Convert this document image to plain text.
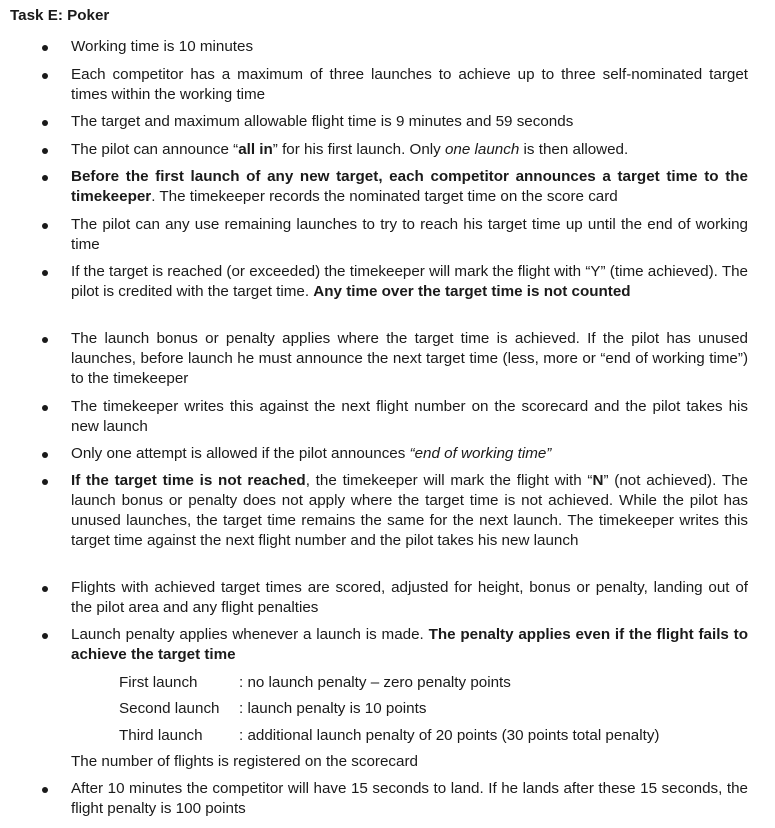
Task E: Poker
Working time is 10 minutes
Each competitor has a maximum of three launches to achieve up to three self-nominated target times within the working time
The target and maximum allowable flight time is 9 minutes and 59 seconds
The pilot can announce “all in” for his first launch. Only one launch is then allowed.
Before the first launch of any new target, each competitor announces a target time to the timekeeper. The timekeeper records the nominated target time on the score card
The pilot can any use remaining launches to try to reach his target time up until the end of working time
If the target is reached (or exceeded) the timekeeper will mark the flight with “Y” (time achieved). The pilot is credited with the target time. Any time over the target time is not counted
The launch bonus or penalty applies where the target time is achieved. If the pilot has unused launches, before launch he must announce the next target time (less, more or “end of working time”) to the timekeeper
The timekeeper writes this against the next flight number on the scorecard and the pilot takes his new launch
Only one attempt is allowed if the pilot announces “end of working time”
If the target time is not reached, the timekeeper will mark the flight with “N” (not achieved). The launch bonus or penalty does not apply where the target time is not achieved. While the pilot has unused launches, the target time remains the same for the next launch. The timekeeper writes this target time against the next flight number and the pilot takes his new launch
Flights with achieved target times are scored, adjusted for height, bonus or penalty, landing out of the pilot area and any flight penalties
Launch penalty applies whenever a launch is made. The penalty applies even if the flight fails to achieve the target time
First launch	: no launch penalty – zero penalty points
Second launch : launch penalty is 10 points
Third launch : additional launch penalty of 20 points (30 points total penalty)
The number of flights is registered on the scorecard
After 10 minutes the competitor will have 15 seconds to land. If he lands after these 15 seconds, the flight penalty is 100 points
